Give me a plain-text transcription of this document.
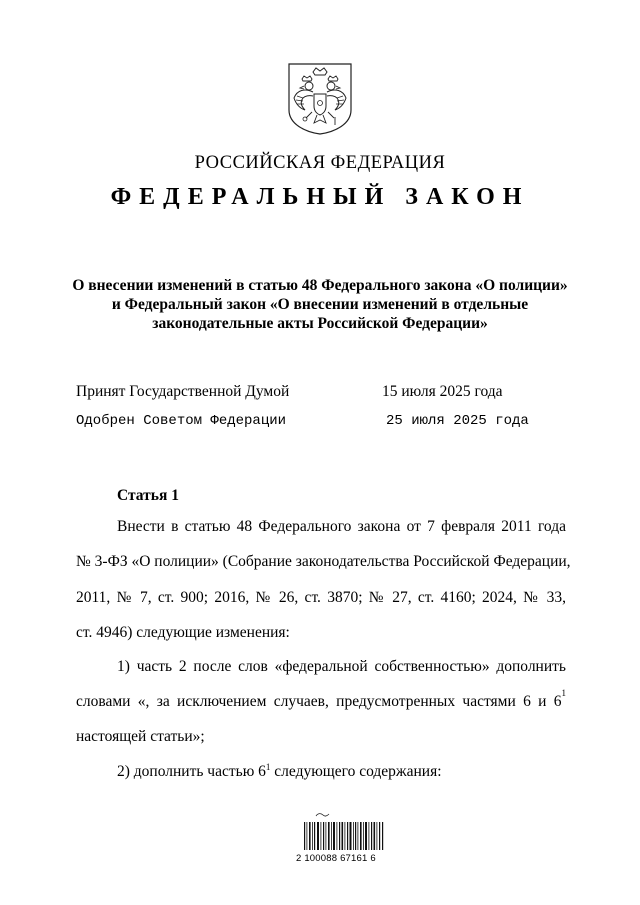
РОССИЙСКАЯ ФЕДЕРАЦИЯ
ФЕДЕРАЛЬНЫЙ ЗАКОН
О внесении изменений в статью 48 Федерального закона «О полиции»
и Федеральный закон «О внесении изменений в отдельные
законодательные акты Российской Федерации»
Принят Государственной Думой	15 июля 2025 года
Одобрен Советом Федерации	25 июля 2025 года
Статья 1
Внести в статью 48 Федерального закона от 7 февраля 2011 года
№ 3-ФЗ «О полиции» (Собрание законодательства Российской Федерации,
2011, № 7, ст. 900; 2016, № 26, ст. 3870; № 27, ст. 4160; 2024, № 33,
ст. 4946) следующие изменения:
1) часть 2 после слов «федеральной собственностью» дополнить
словами «, за исключением случаев, предусмотренных частями 6 и 6 1
настоящей статьи»;
2) дополнить частью $6^1$ следующего содержания:
2 100088 67161 6
